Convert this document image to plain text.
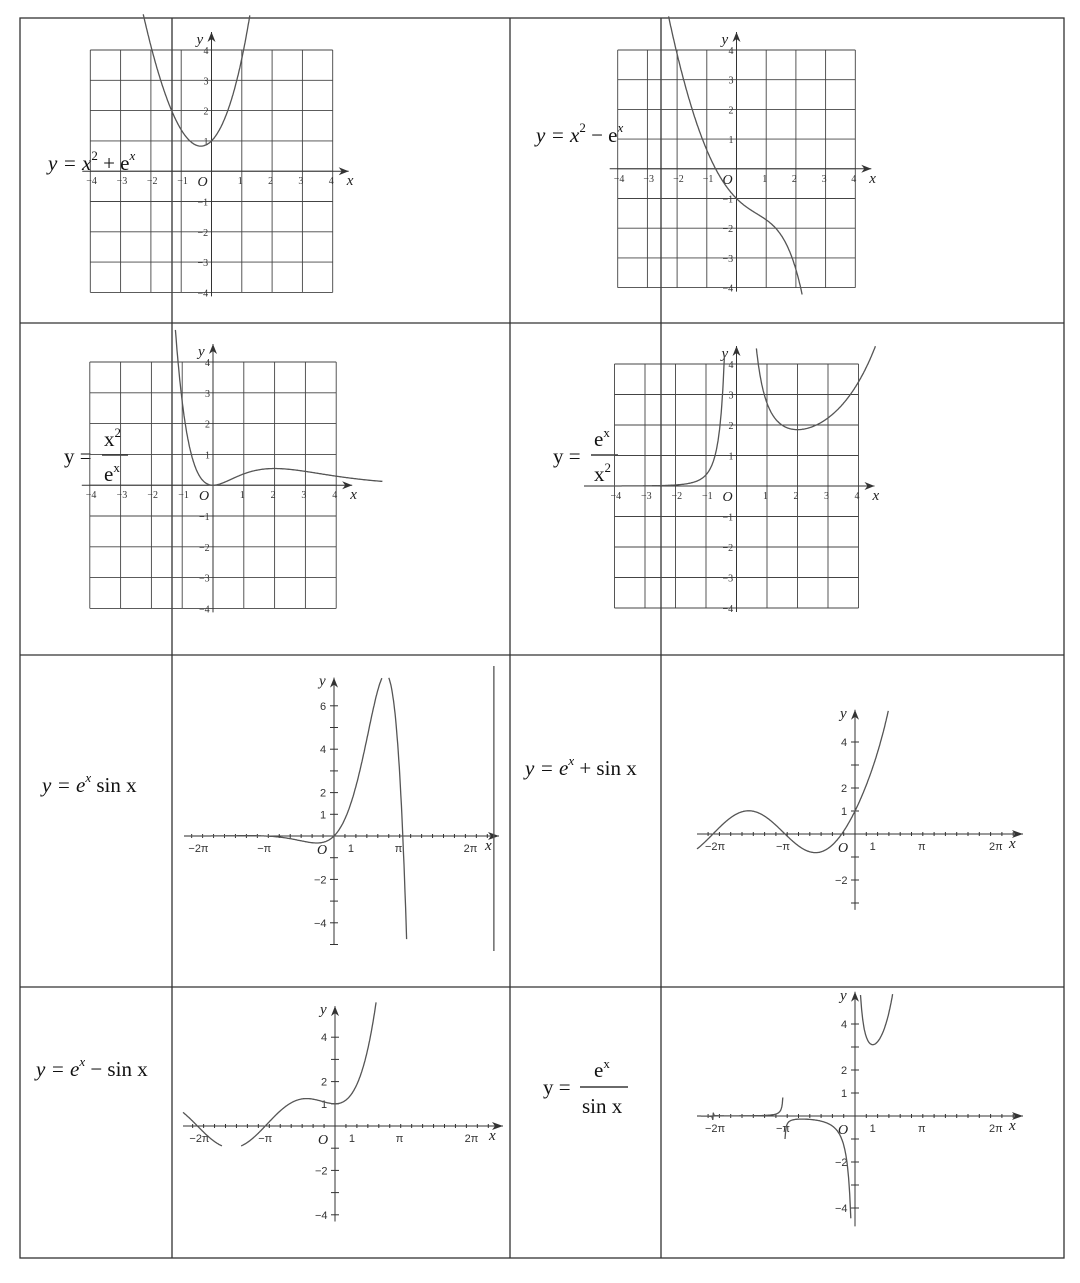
$y = x^2 + e^x$
$y = x^2 - e^x$
y =
$x^2$
$e^x$	y =
$e^x$
$x^2$
$y = e^x$ sin x
$y = e^x + \sin x$
$y = e^x - \sin x$
y =
$e^x$
sin x
−4 −3 −2 −1	1	2	3	4
4
3
2
1
−1
−2
−3
−4
x
y
O	−4 −3 −2 −1	1 2 3 4
4
3
2
1
−1
−2
−3
−4
x
y
O
−4 −3 −2 −1	1	2	3	4
4
3
2
1
−1
−2
−3
−4
x
y
O	−4 −3 −2 −1	1	2	3	4
4
3
2
1
−1
−2
−3
−4
x
y
O
−2π	−π	1	π	2π
6
4
2
1
−2
−4
x
y
O	−2π	−π	1	π	2π
4
2
1
−2
x
y
O
−2π	−π	1	π	2π
4
2
1
−2
−4
x
y
O
−2π	−π	1	π	2π
4
2
1
−2
−4
x
y
O
